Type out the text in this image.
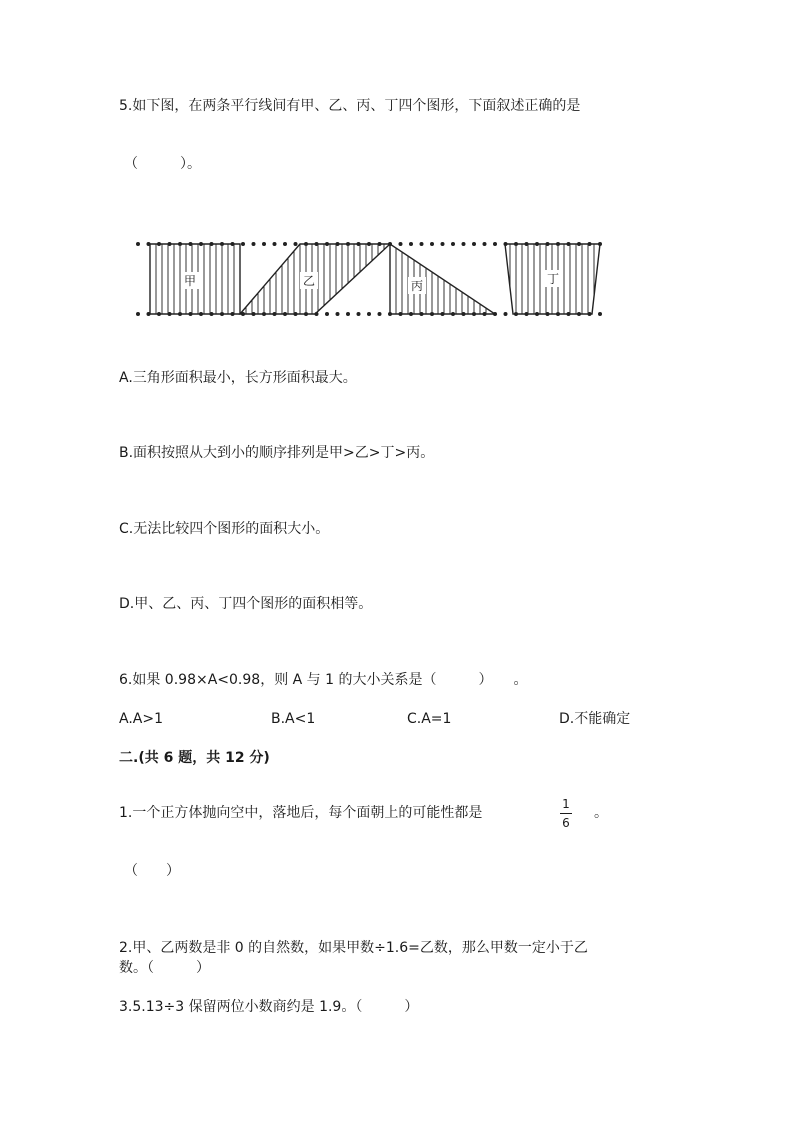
5.如下图，在两条平行线间有甲、乙、丙、丁四个图形，下面叙述正确的是
（　　　）。
甲	乙	丙	丁
A.三角形面积最小，长方形面积最大。
B.面积按照从大到小的顺序排列是甲>乙>丁>丙。
C.无法比较四个图形的面积大小。
D.甲、乙、丙、丁四个图形的面积相等。
6.如果 0.98×A<0.98，则 A 与 1 的大小关系是（　　　）　　。
A.A>1	B.A<1	C.A=1	D.不能确定
二.(共 6 题，共 12 分)
1.一个正方体抛向空中，落地后，每个面朝上的可能性都是
1
6
。
（　　）
2.甲、乙两数是非 0 的自然数，如果甲数÷1.6=乙数，那么甲数一定小于乙
数。（　　　）
3.5.13÷3 保留两位小数商约是 1.9。（　　　）
